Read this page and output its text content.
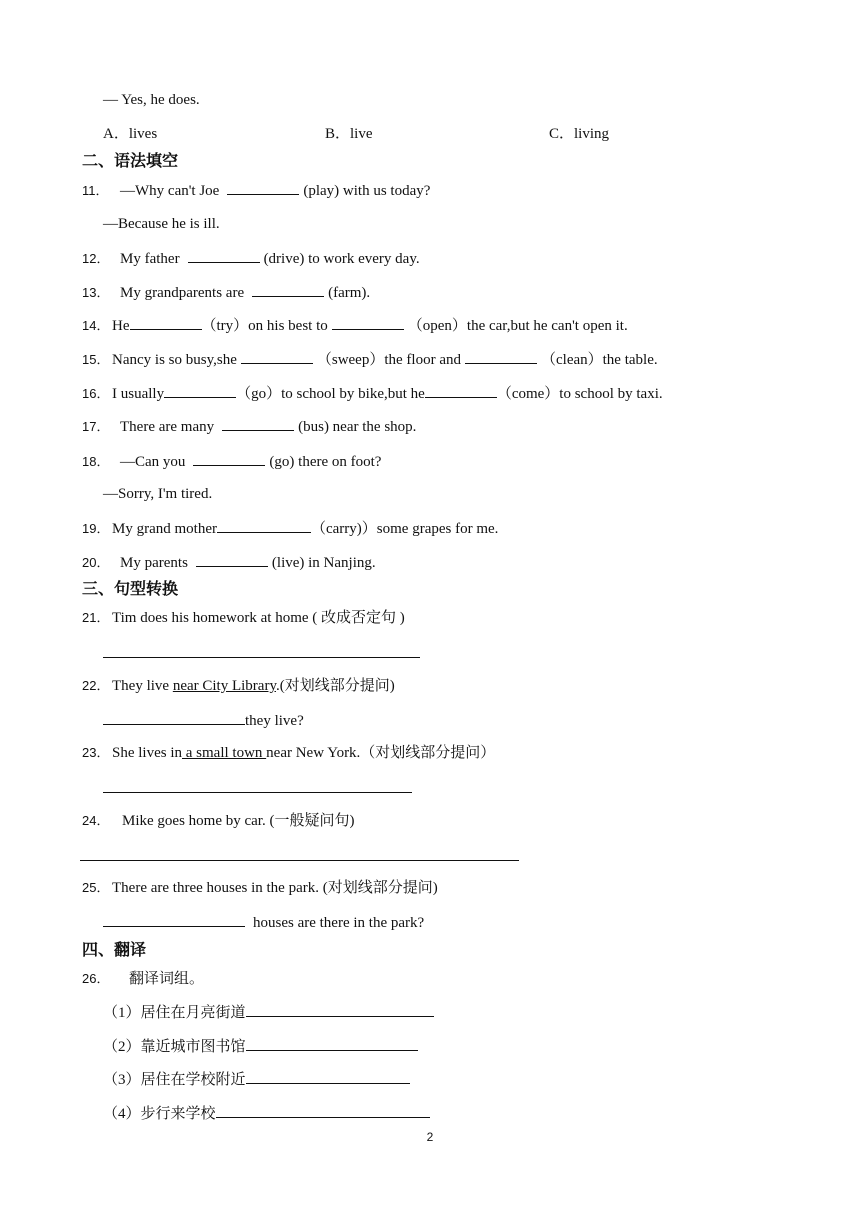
— Yes, he does.
A．lives	B．live	C．living
二、语法填空
11． —Why can't Joe	(play) with us today?
—Because he is ill.
12． My father	(drive) to work every day.
13． My grandparents are	(farm).
14． He	（try）on his best to	（open）the car,but he can't open it.
15． Nancy is so busy,she	（sweep）the floor and	（clean）the table.
16． I usually	（go）to school by bike,but he	（come）to school by taxi.
17． There are many	(bus) near the shop.
18． —Can you	(go) there on foot?
—Sorry, I'm tired.
19． My grand mother	（carry)）some grapes for me.
20． My parents	(live) in Nanjing.
三、句型转换
21． Tim does his homework at home ( 改成否定句 )
22． They live near City Library.(对划线部分提问)
they live?
23． She lives in a small town near New York.（对划线部分提问）
24． Mike goes home by car. (一般疑问句)
25． There are three houses in the park. (对划线部分提问)
houses are there in the park?
四、翻译
26． 翻译词组。
（1）居住在月亮街道
（2）靠近城市图书馆
（3）居住在学校附近
（4）步行来学校
2
